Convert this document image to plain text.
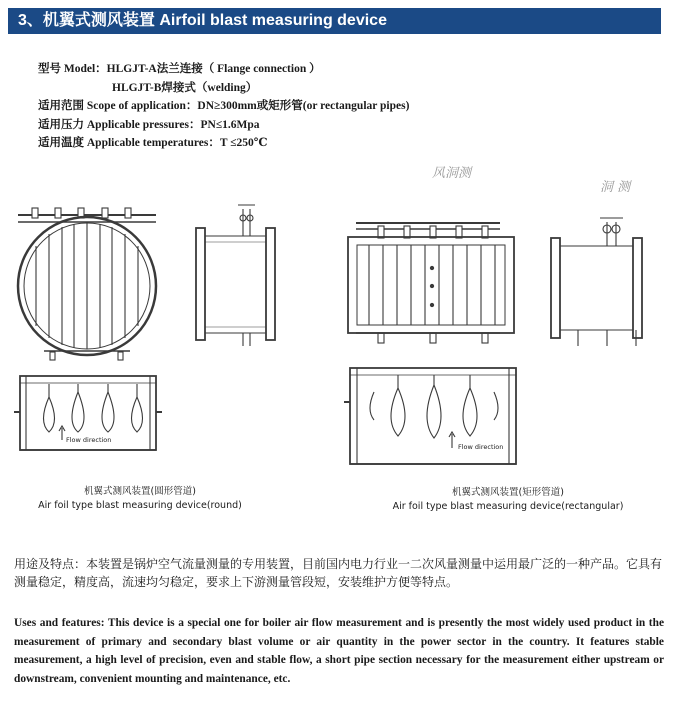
3、机翼式测风装置 Airfoil blast measuring device
型号 Model：HLGJT-A法兰连接（ Flange connection ）
HLGJT-B焊接式（welding）
适用范围 Scope of application：DN≥300mm或矩形管(or rectangular pipes)
适用压力 Applicable pressures：PN≤1.6Mpa
适用温度 Applicable temperatures：T ≤250℃
Flow direction
Flow direction
风洞测
洞 测
机翼式测风装置(圆形管道)
Air foil type blast measuring device(round)
机翼式测风装置(矩形管道)
Air foil type blast measuring device(rectangular)
用途及特点：本装置是锅炉空气流量测量的专用装置，目前国内电力行业一二次风量测量中运用最广泛的一种产品。它具有测量稳定，精度高，流速均匀稳定，要求上下游测量管段短，安装维护方便等特点。
Uses and features: This device is a special one for boiler air flow measurement and is presently the most widely used product in the measurement of primary and secondary blast volume or air quantity in the power sector in the country. It features stable measurement, a high level of precision, even and stable flow, a short pipe section necessary for the measurement either upstream or downstream, convenient mounting and maintenance, etc.
